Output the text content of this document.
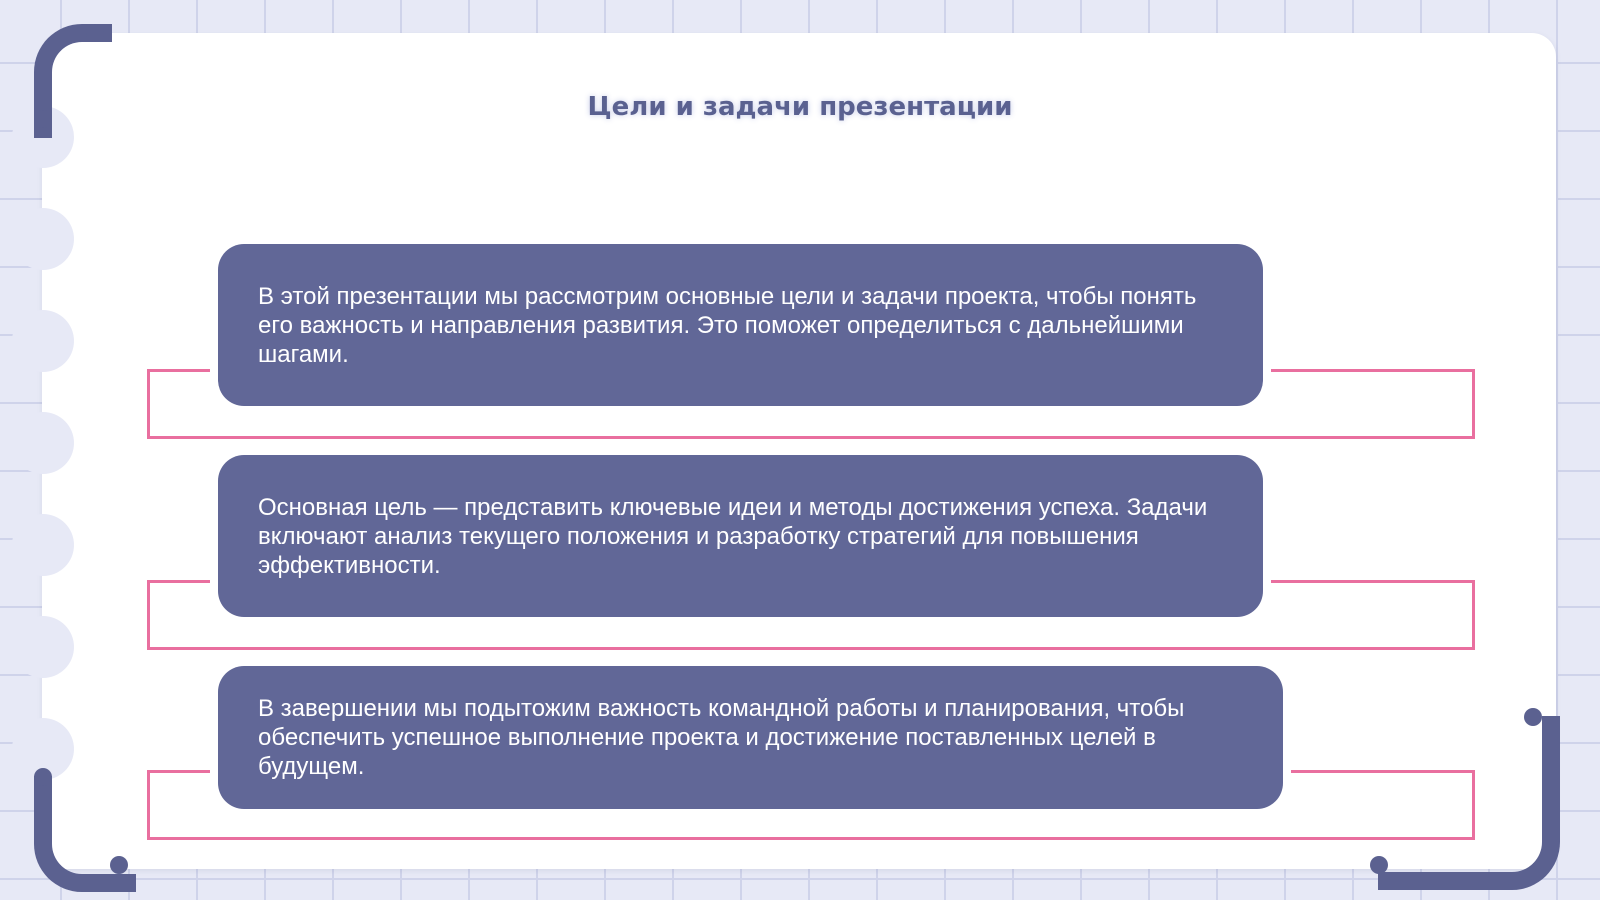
Цели и задачи презентации
В этой презентации мы рассмотрим основные цели и задачи проекта, чтобы понять его важность и направления развития. Это поможет определиться с дальнейшими шагами.
Основная цель — представить ключевые идеи и методы достижения успеха. Задачи включают анализ текущего положения и разработку стратегий для повышения эффективности.
В завершении мы подытожим важность командной работы и планирования, чтобы обеспечить успешное выполнение проекта и достижение поставленных целей в будущем.
